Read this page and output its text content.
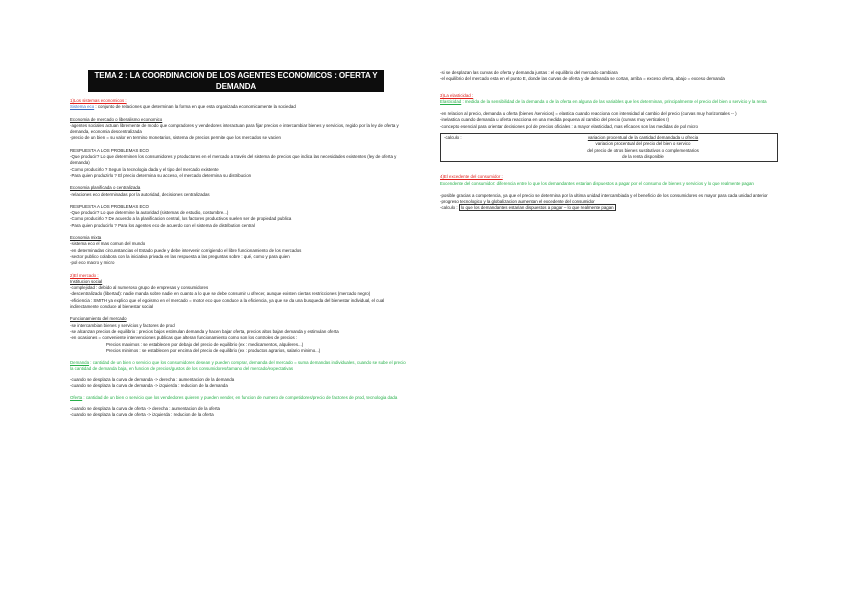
TEMA 2 : LA COORDINACION DE LOS AGENTES ECONOMICOS : OFERTA Y DEMANDA

1)Los sistemas economicos :

Sistema eco : conjunto de relaciones que determinan la forma en que esta organizada economicamente la sociedad

Economia de mercado o liberalismo economico

-agentes sociales actuan libremente de modo que compradores y vendedores interactuan para fijar precios e intercambiar bienes y servicios, regido por la ley de oferta y demanda, economia descentralizada

-precio de un bien = su valor en termino monetarios, sistema de precios permite que los mercados se vacien

RESPUESTA A LOS PROBLEMAS ECO

-Que producir? Lo que determinen los consumidores y productores en el mercado a través del sistema de precios que indica las necesidades existentes (ley de oferta y demanda)

-Como producirlo ? Segun la tecnologia dada y el tipo del mercado existente

-Para quien produzirlo ? El precio determina su acceso, el mercado determina su distribucion

Economia planificada o centralizada

-relaciones eco determinadas por la autoridad, decisiones centralizadas

RESPUESTA A LOS PROBLEMAS ECO

-Que producir? Lo que determine la autoridad (sistemas de estudio, costumbre...)

-Como producirlo ? De acuerdo a la planificacion central, los factores productivos suelen ser de propiedad publica

-Para quien producirlo ? Para los agentes eco de acuerdo con el sistema de distribution central

Economia mixta

-sistema eco el mas comun del mundo

-en determinadas circunstancias el Estado puede y debe intervenir corrigiendo el libre funcionamiento de los mercados

-sector publico colabora con la iniciativa privada en las respuesta a las preguntas sobre : qué, como y para quien

-pol eco macro y micro

2)El mercado :

Institucion social

-complejidad : debido al numeroso grupo de empresas y consumidores

-descentralizado (libertad): nadie manda sobre nadie en cuanto a lo que se debe consumir u ofrecer, aunque existen ciertas restricciones (mercado negro)

-eficiencia : SMITH ya explico que el egoismo en el mercado = motor eco que conduce a la eficiencia, ya que se da una busqueda del bienestar individual, el cual indirectamente conduce al bienestar social

Funcionamiento del mercado

-se intercambian bienes y servicios y factores de prod

-se alcanzan precios de equilibrio : precios bajos estimulan demanda y hacen bajar oferta, precios altos bajan demanda y estimulan oferta

-en ocasiones = conveniente intervenciones publicas que alteran funcionamiento como son los controles de precios :

Precios maximos : se establecen por debajo del precio de equilibrio (ex : medicamentos, alquileres...)

Precios minimos : se establecen por encima del precio de equilibrio (ex : productos agrarios, salario minimo...)

Demanda : cantidad de un bien o servicio que los consumidores desean y pueden comprar, demanda del mercado = suma demandas individuales, cuando se sube el precio la cantidad de demanda baja, en funcion de precios/gustos de los consumidores/tamano del mercado/expectativas

-cuando se desplaza la curva de demanda -> derecha : aumentacion de la demanda

-cuando se desplaza la curva de demanda -> izquierda : reducion de la demanda

Oferta : cantidad de un bien o servicio que los vendedores quieren y pueden vender, en funcion de numero de competidores/precio de factores de prod, tecnologia dada

-cuando se desplaza la curva de oferta -> derecha : aumentacion de la oferta

-cuando se desplaza la curva de oferta -> izquierda : reducion de la oferta

-si se desplazan las curvas de oferta y demanda juntas : el equilibrio del mercado cambiara

-el equilibrio del mercado esta en el punto E, donde las curvas de oferta y de demanda se cortan, arriba = exceso oferta, abajo = exceso demanda

3)La elasticidad :

Elasticidad : medida de la sensibilidad de la demanda o de la oferta en alguna de las variables que les determinan, principalmente el precio del bien o servicio y la renta

-en relacion al precio, demanda u oferta (bienes /servicios) = elastica cuando reacciona con intensidad al cambio del precio (curvas muy horizontales -- )

-inelastica cuando demanda u oferta reacciona en una medida pequena al cambio del precio (curvas muy verticales I)

-concepto esencial para orientar decisiones pol de precios oficiales : a mayor elasticidad, mas eficaces son las medidas de pol micro

-calculo :	variacion procentual de la cantidad demandada u ofrecia
variacion procentual del precio del bien o servico
del precio de otros bienes sustitutivos o complementarios
de la renta disponible

4)El excedente del consumidor :

Excendente del consumidor: diferencia entre lo que los demandantes estarian dispuestos a pagar por el consumo de bienes y servicios y lo que realmente pagan

-posible gracias a competencia, ya que el precio se determina por la ultima unidad intercambiada y el beneficio de los consumidores es mayor para cada unidad anterior

-progreso tecnologico y la globalizacion aumentan el excedente del consumidor

-calculo : lo que los demandantes estarian dispuestos a pagar – lo que realmente pagan
